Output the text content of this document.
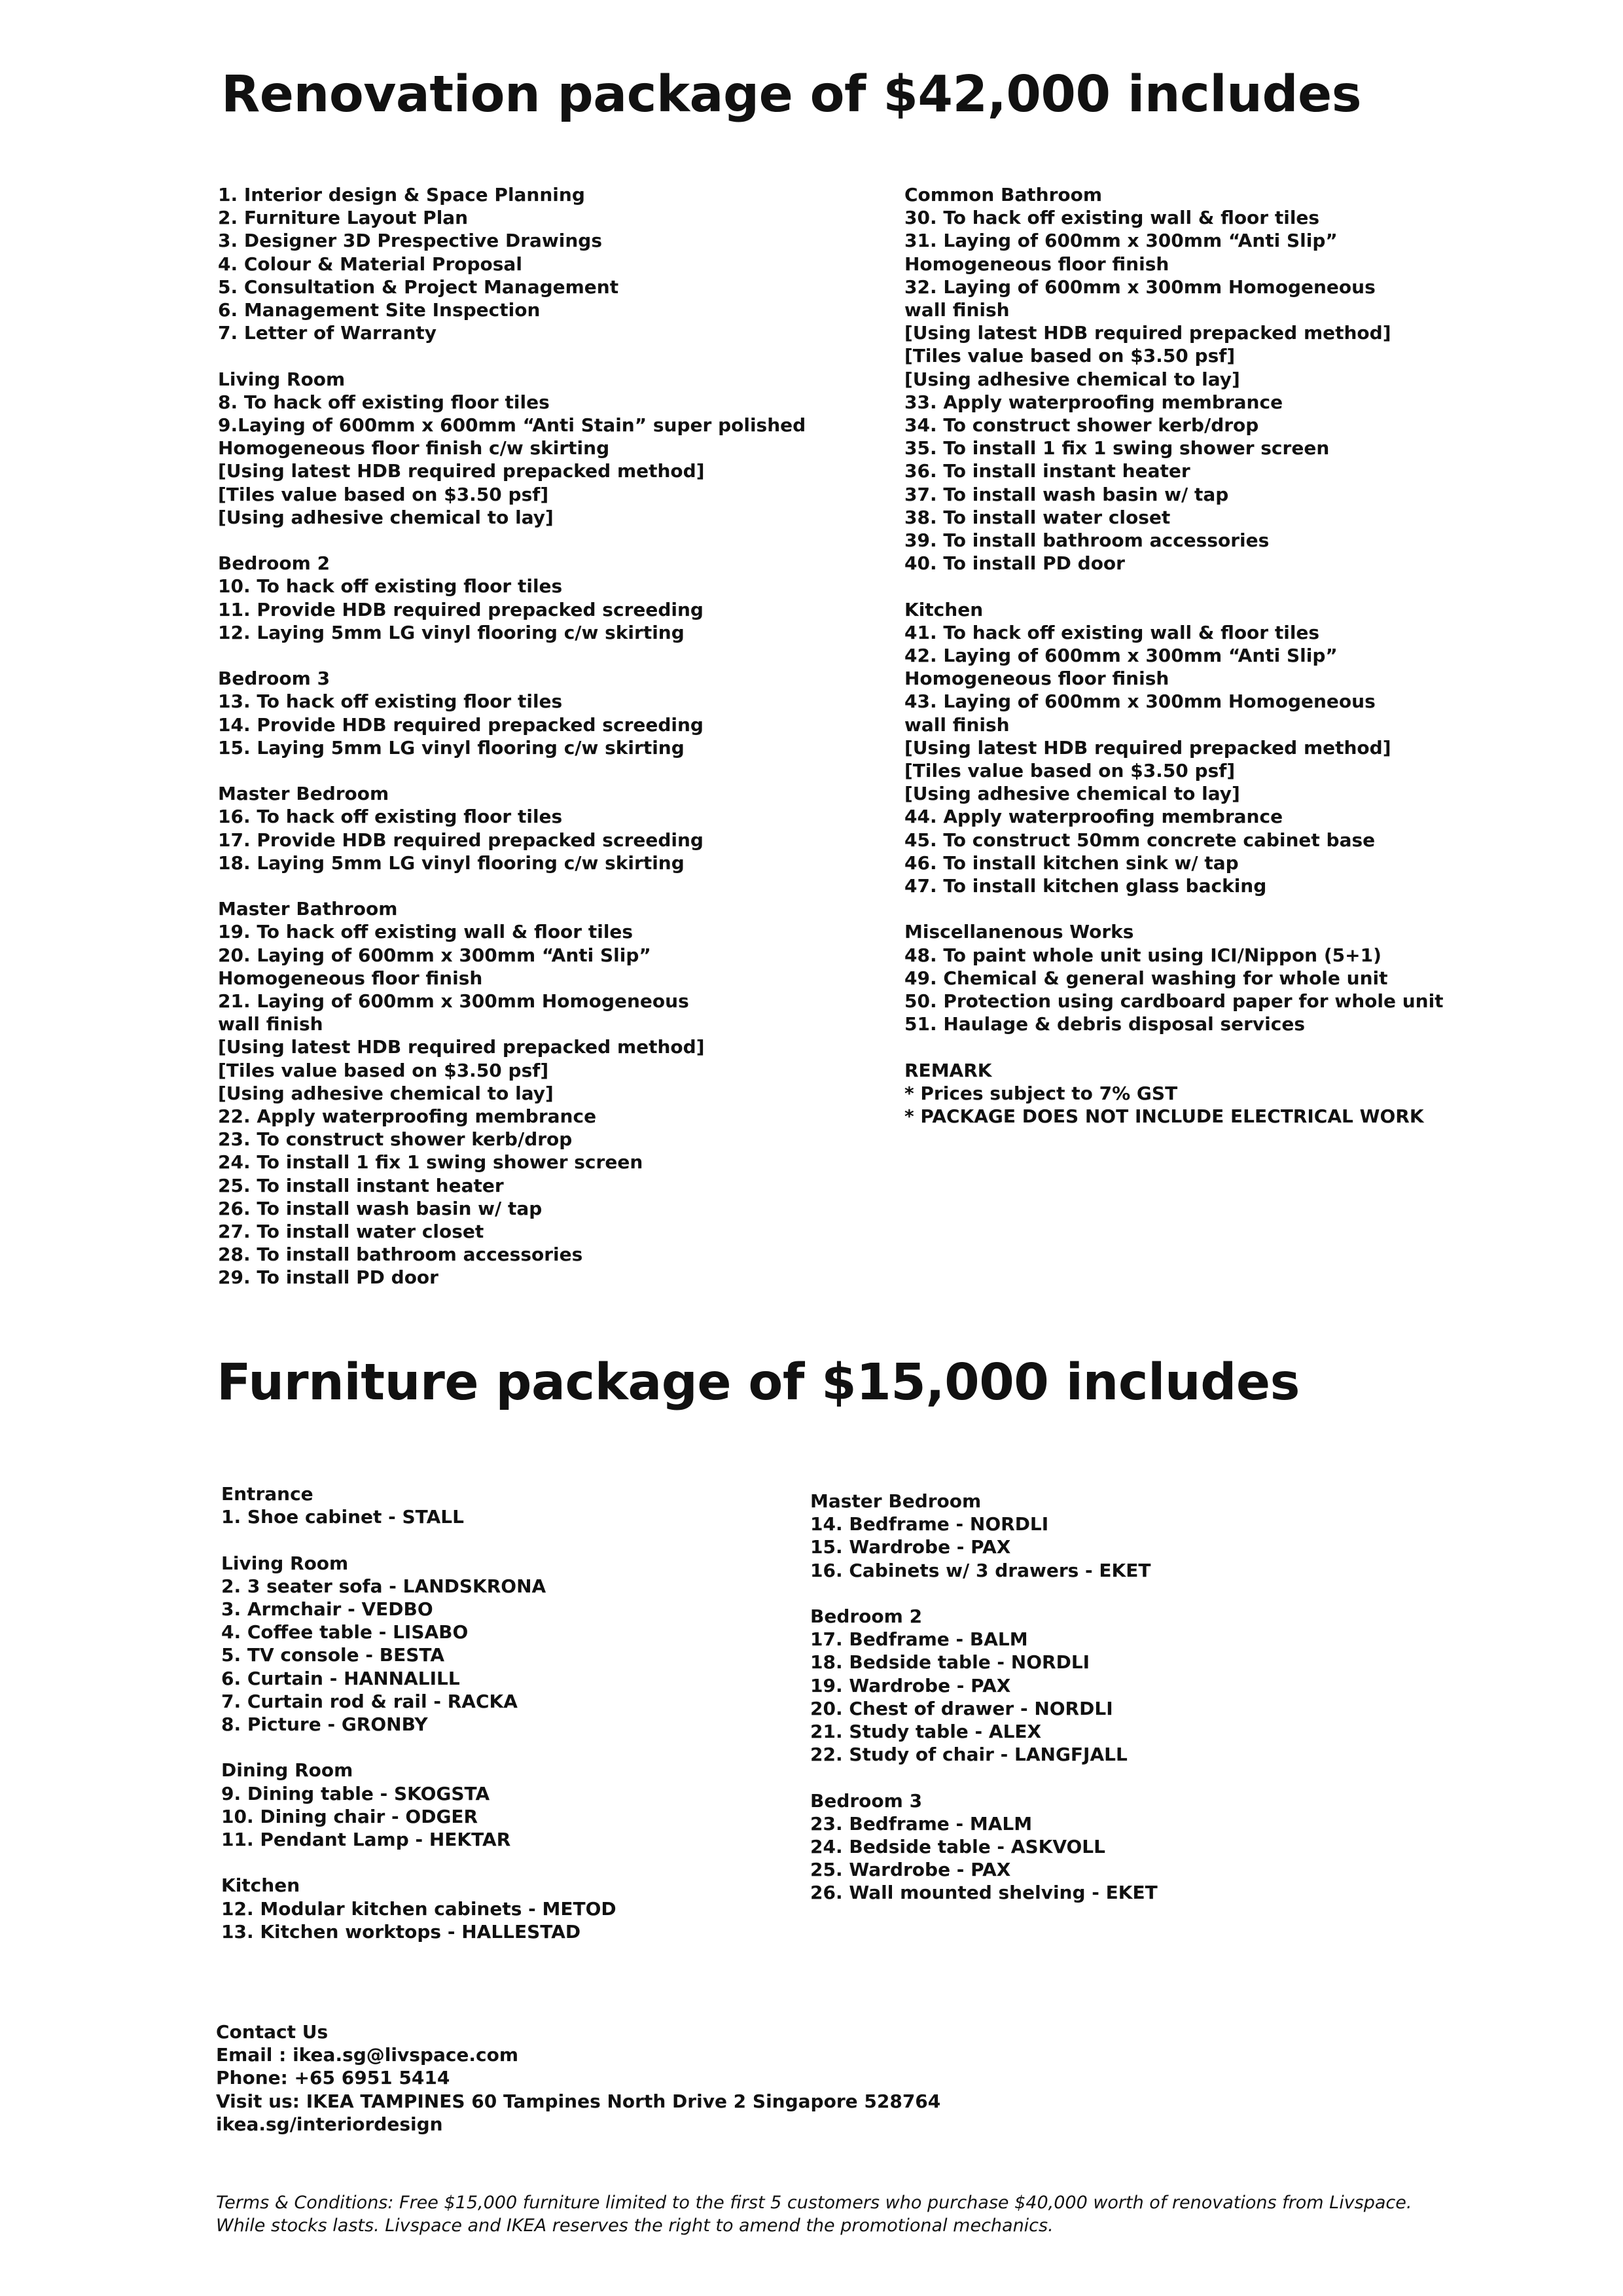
Renovation package of $42,000 includes
1. Interior design & Space Planning
2. Furniture Layout Plan
3. Designer 3D Prespective Drawings
4. Colour & Material Proposal
5. Consultation & Project Management
6. Management Site Inspection
7. Letter of Warranty
Living Room
8. To hack off existing floor tiles
9.Laying of 600mm x 600mm “Anti Stain” super polished
Homogeneous floor finish c/w skirting
[Using latest HDB required prepacked method]
[Tiles value based on $3.50 psf]
[Using adhesive chemical to lay]
Bedroom 2
10. To hack off existing floor tiles
11. Provide HDB required prepacked screeding
12. Laying 5mm LG vinyl flooring c/w skirting
Bedroom 3
13. To hack off existing floor tiles
14. Provide HDB required prepacked screeding
15. Laying 5mm LG vinyl flooring c/w skirting
Master Bedroom
16. To hack off existing floor tiles
17. Provide HDB required prepacked screeding
18. Laying 5mm LG vinyl flooring c/w skirting
Master Bathroom
19. To hack off existing wall & floor tiles
20. Laying of 600mm x 300mm “Anti Slip”
Homogeneous floor finish
21. Laying of 600mm x 300mm Homogeneous
wall finish
[Using latest HDB required prepacked method]
[Tiles value based on $3.50 psf]
[Using adhesive chemical to lay]
22. Apply waterproofing membrance
23. To construct shower kerb/drop
24. To install 1 fix 1 swing shower screen
25. To install instant heater
26. To install wash basin w/ tap
27. To install water closet
28. To install bathroom accessories
29. To install PD door
Common Bathroom
30. To hack off existing wall & floor tiles
31. Laying of 600mm x 300mm “Anti Slip”
Homogeneous floor finish
32. Laying of 600mm x 300mm Homogeneous
wall finish
[Using latest HDB required prepacked method]
[Tiles value based on $3.50 psf]
[Using adhesive chemical to lay]
33. Apply waterproofing membrance
34. To construct shower kerb/drop
35. To install 1 fix 1 swing shower screen
36. To install instant heater
37. To install wash basin w/ tap
38. To install water closet
39. To install bathroom accessories
40. To install PD door
Kitchen
41. To hack off existing wall & floor tiles
42. Laying of 600mm x 300mm “Anti Slip”
Homogeneous floor finish
43. Laying of 600mm x 300mm Homogeneous
wall finish
[Using latest HDB required prepacked method]
[Tiles value based on $3.50 psf]
[Using adhesive chemical to lay]
44. Apply waterproofing membrance
45. To construct 50mm concrete cabinet base
46. To install kitchen sink w/ tap
47. To install kitchen glass backing
Miscellanenous Works
48. To paint whole unit using ICI/Nippon (5+1)
49. Chemical & general washing for whole unit
50. Protection using cardboard paper for whole unit
51. Haulage & debris disposal services
REMARK
* Prices subject to 7% GST
* PACKAGE DOES NOT INCLUDE ELECTRICAL WORK
Furniture package of $15,000 includes
Entrance
1. Shoe cabinet - STALL
Living Room
2. 3 seater sofa - LANDSKRONA
3. Armchair - VEDBO
4. Coffee table - LISABO
5. TV console - BESTA
6. Curtain - HANNALILL
7. Curtain rod & rail - RACKA
8. Picture - GRONBY
Dining Room
9. Dining table - SKOGSTA
10. Dining chair - ODGER
11. Pendant Lamp - HEKTAR
Kitchen
12. Modular kitchen cabinets - METOD
13. Kitchen worktops - HALLESTAD
Master Bedroom
14. Bedframe - NORDLI
15. Wardrobe - PAX
16. Cabinets w/ 3 drawers - EKET
Bedroom 2
17. Bedframe - BALM
18. Bedside table - NORDLI
19. Wardrobe - PAX
20. Chest of drawer - NORDLI
21. Study table - ALEX
22. Study of chair - LANGFJALL
Bedroom 3
23. Bedframe - MALM
24. Bedside table - ASKVOLL
25. Wardrobe - PAX
26. Wall mounted shelving - EKET
Contact Us
Email : ikea.sg@livspace.com
Phone: +65 6951 5414
Visit us: IKEA TAMPINES 60 Tampines North Drive 2 Singapore 528764
ikea.sg/interiordesign
Terms & Conditions: Free $15,000 furniture limited to the first 5 customers who purchase $40,000 worth of renovations from Livspace.
While stocks lasts. Livspace and IKEA reserves the right to amend the promotional mechanics.
